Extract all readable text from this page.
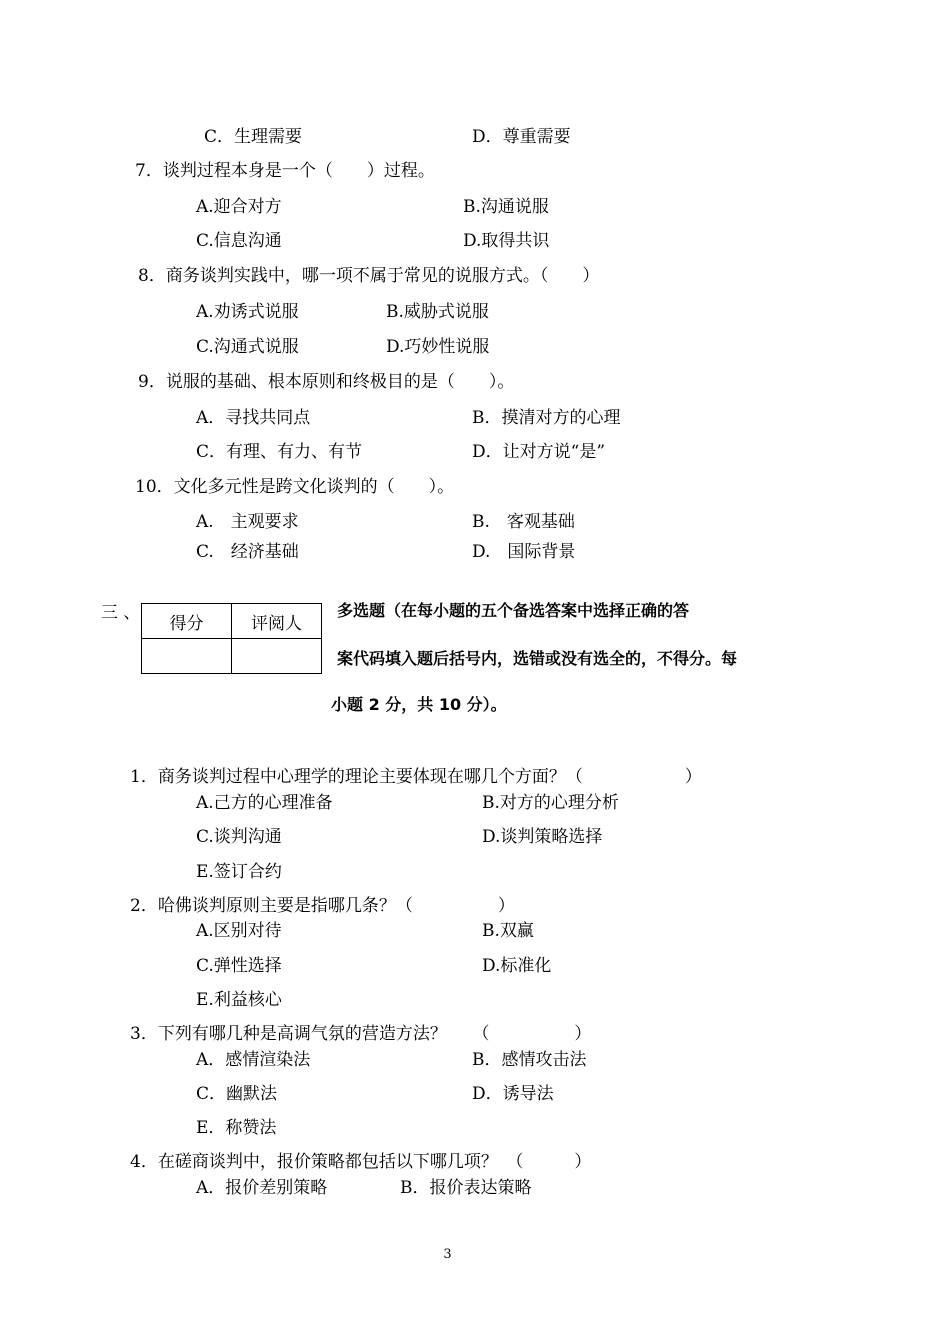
C．生理需要	D．尊重需要
7．谈判过程本身是一个（　　）过程。
A.迎合对方	B.沟通说服
C.信息沟通	D.取得共识
8．商务谈判实践中，哪一项不属于常见的说服方式。（　　）
A.劝诱式说服	B.威胁式说服
C.沟通式说服	D.巧妙性说服
9．说服的基础、根本原则和终极目的是（　　）。
A．寻找共同点	B．摸清对方的心理
C．有理、有力、有节	D．让对方说“是”
10．文化多元性是跨文化谈判的（　　）。
A.　主观要求	B.　客观基础
C.　经济基础	D.　国际背景
三 、
得分	评阅人

多选题（在每小题的五个备选答案中选择正确的答
案代码填入题后括号内，选错或没有选全的，不得分。每
小题 2 分，共 10 分）。
1．商务谈判过程中心理学的理论主要体现在哪几个方面？（　　　　　　）
A.己方的心理准备	B.对方的心理分析
C.谈判沟通	D.谈判策略选择
E.签订合约
2．哈佛谈判原则主要是指哪几条？（　　　　　）
A.区别对待	B.双赢
C.弹性选择	D.标准化
E.利益核心
3．下列有哪几种是高调气氛的营造方法？　　（　　　　　）
A．感情渲染法	B．感情攻击法
C．幽默法	D．诱导法
E．称赞法
4．在磋商谈判中，报价策略都包括以下哪几项？　（　　　）
A．报价差别策略	B．报价表达策略
3
